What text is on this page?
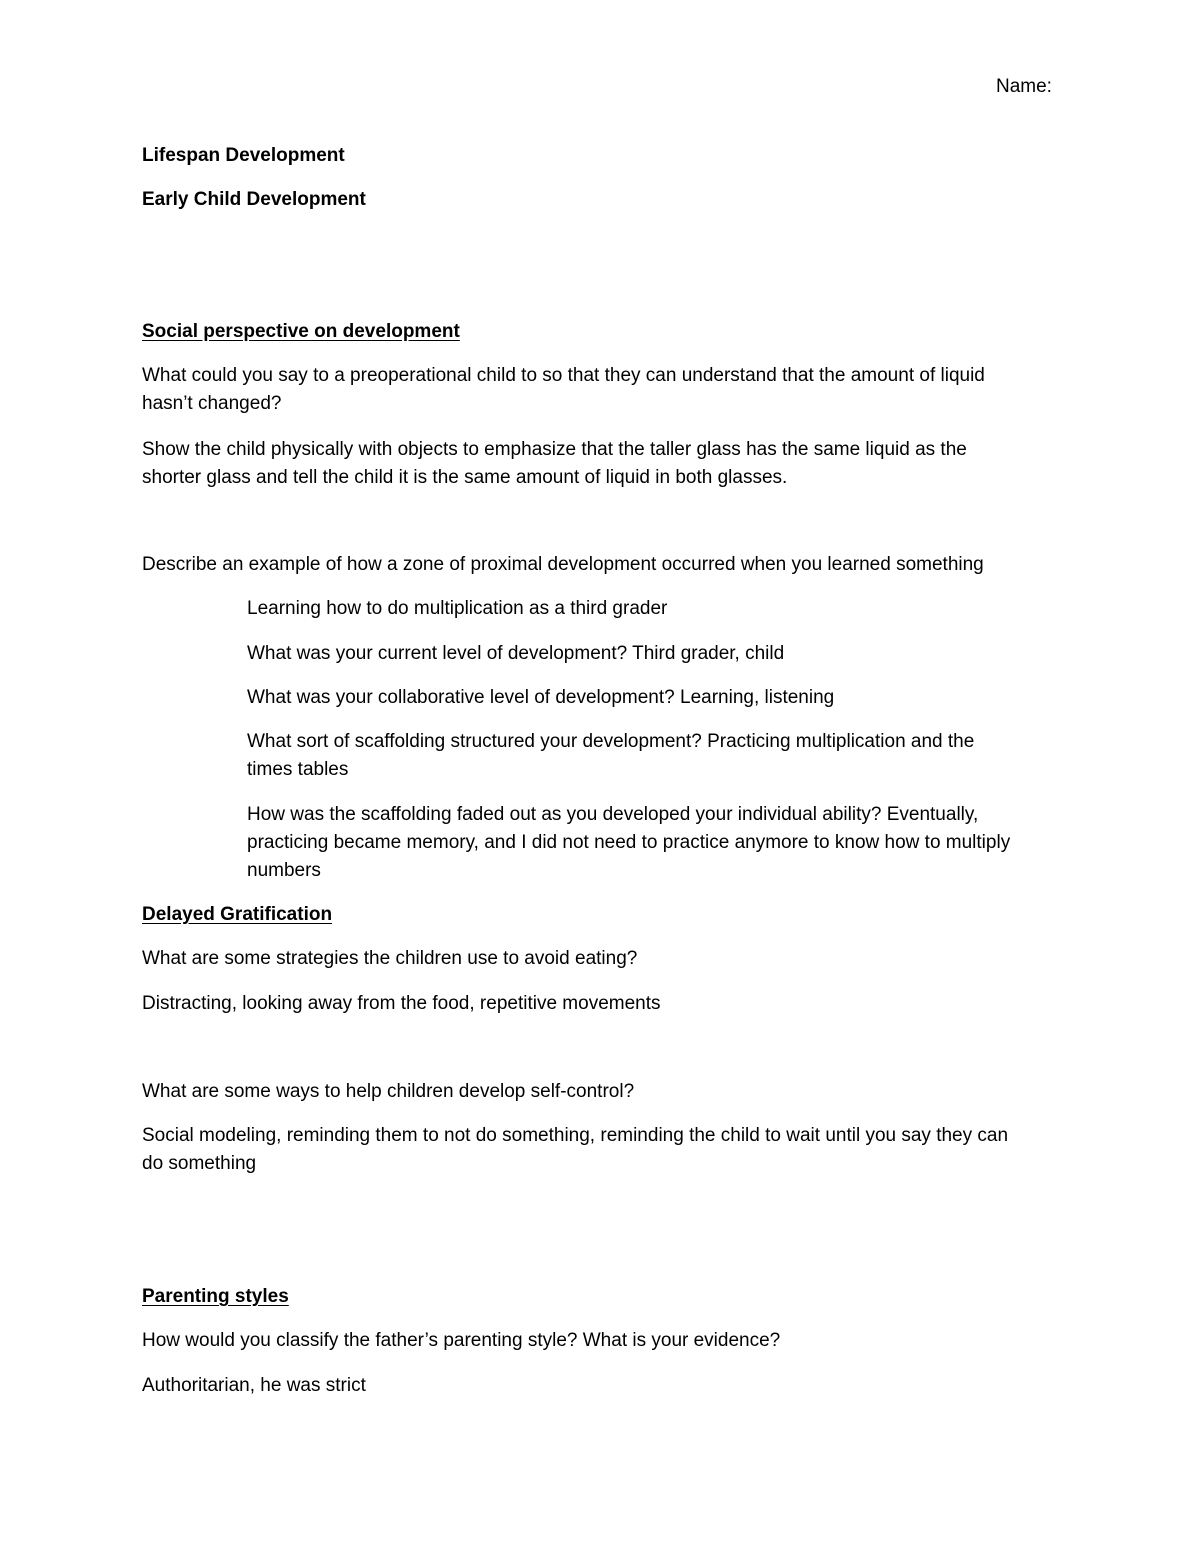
Name:
Lifespan Development
Early Child Development
Social perspective on development
What could you say to a preoperational child to so that they can understand that the amount of liquid
hasn’t changed?
Show the child physically with objects to emphasize that the taller glass has the same liquid as the
shorter glass and tell the child it is the same amount of liquid in both glasses.
Describe an example of how a zone of proximal development occurred when you learned something
Learning how to do multiplication as a third grader
What was your current level of development? Third grader, child
What was your collaborative level of development? Learning, listening
What sort of scaffolding structured your development? Practicing multiplication and the
times tables
How was the scaffolding faded out as you developed your individual ability? Eventually,
practicing became memory, and I did not need to practice anymore to know how to multiply
numbers
Delayed Gratification
What are some strategies the children use to avoid eating?
Distracting, looking away from the food, repetitive movements
What are some ways to help children develop self-control?
Social modeling, reminding them to not do something, reminding the child to wait until you say they can
do something
Parenting styles
How would you classify the father’s parenting style? What is your evidence?
Authoritarian, he was strict
